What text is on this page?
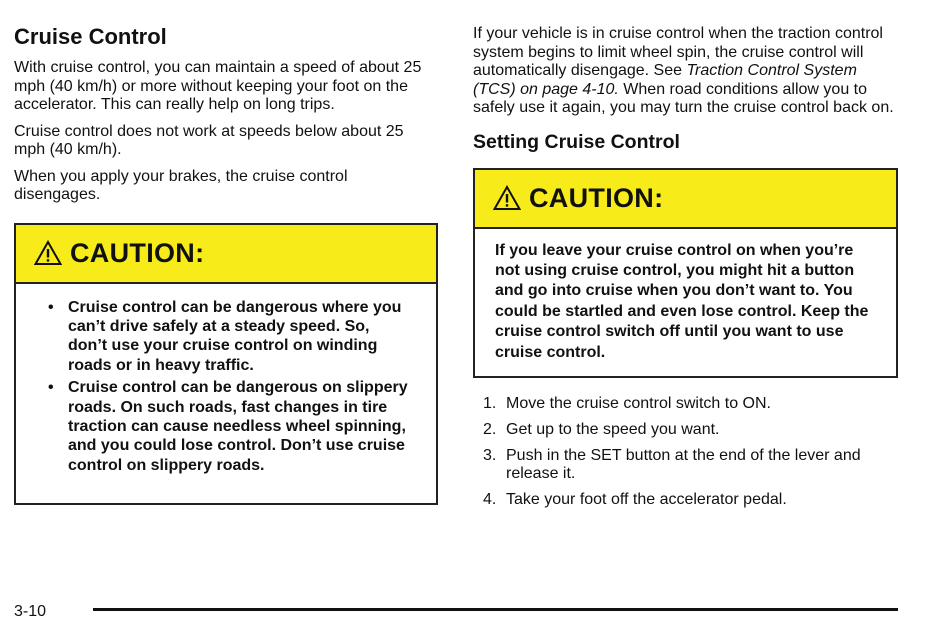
Cruise Control

With cruise control, you can maintain a speed of about 25 mph (40 km/h) or more without keeping your foot on the accelerator. This can really help on long trips.

Cruise control does not work at speeds below about 25 mph (40 km/h).

When you apply your brakes, the cruise control disengages.

CAUTION:
• Cruise control can be dangerous where you can’t drive safely at a steady speed. So, don’t use your cruise control on winding roads or in heavy traffic.
• Cruise control can be dangerous on slippery roads. On such roads, fast changes in tire traction can cause needless wheel spinning, and you could lose control. Don’t use cruise control on slippery roads.

If your vehicle is in cruise control when the traction control system begins to limit wheel spin, the cruise control will automatically disengage. See Traction Control System (TCS) on page 4-10. When road conditions allow you to safely use it again, you may turn the cruise control back on.

Setting Cruise Control
CAUTION:
If you leave your cruise control on when you’re not using cruise control, you might hit a button and go into cruise when you don’t want to. You could be startled and even lose control. Keep the cruise control switch off until you want to use cruise control.
1. Move the cruise control switch to ON.
2. Get up to the speed you want.
3. Push in the SET button at the end of the lever and release it.
4. Take your foot off the accelerator pedal.
3-10
